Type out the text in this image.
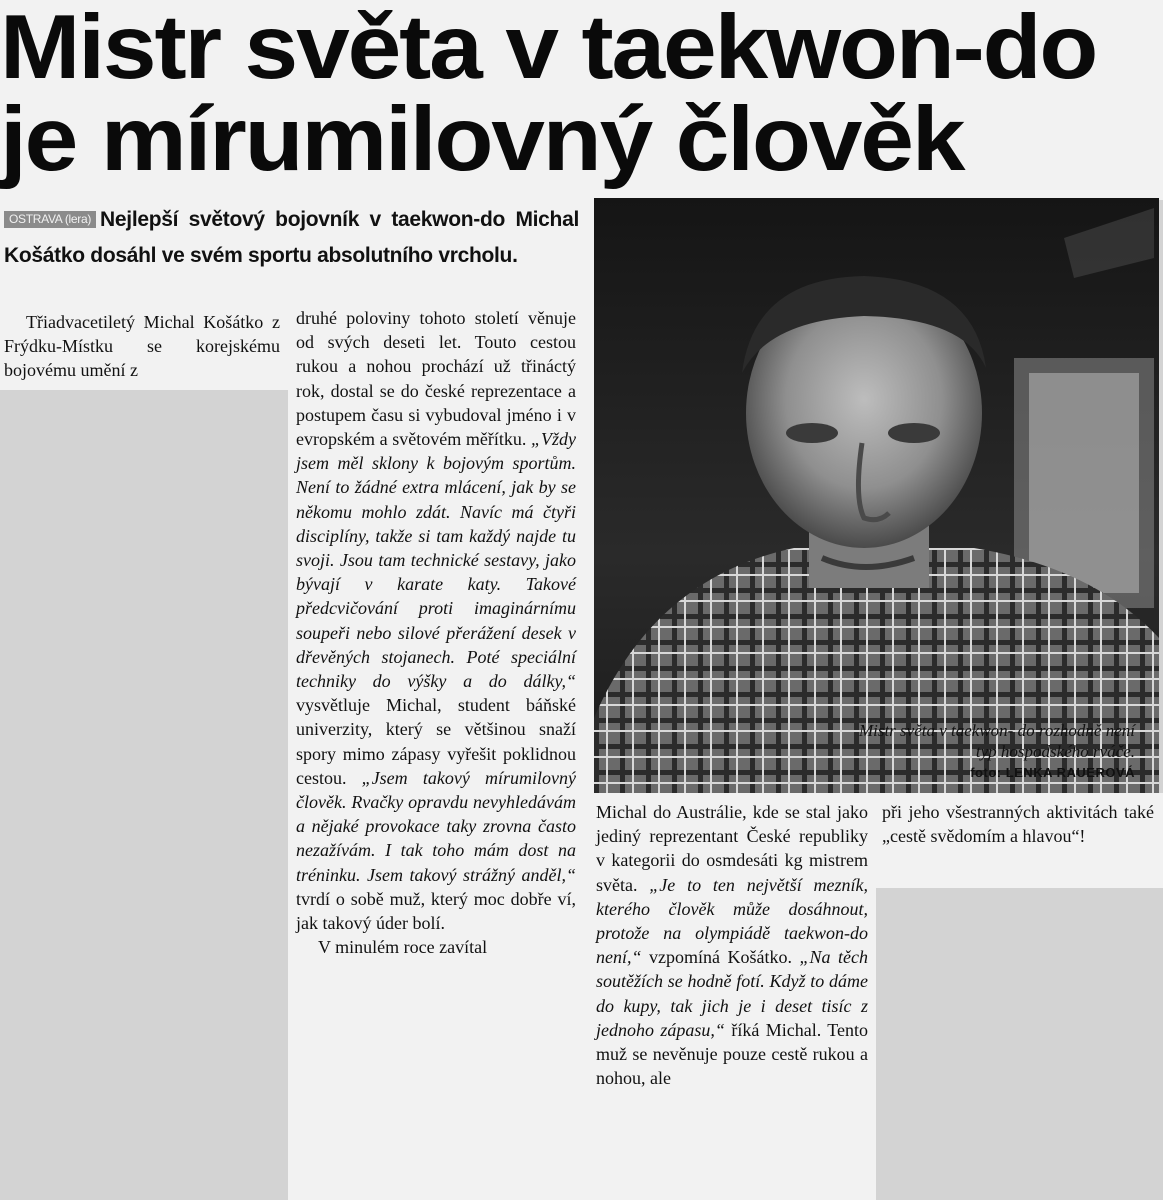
Mistr světa v taekwon-do
je mírumilovný člověk
OSTRAVA (lera) Nejlepší světový bojovník v taekwon-do Michal Košátko dosáhl ve svém sportu absolutního vrcholu.

Třiadvacetiletý Michal Košátko z Frýdku-Místku se korejskému bojovému umění z

druhé poloviny tohoto století věnuje od svých deseti let. Touto cestou rukou a nohou prochází už třináctý rok, dostal se do české reprezentace a postupem času si vybudoval jméno i v evropském a světovém měřítku. „Vždy jsem měl sklony k bojovým sportům. Není to žádné extra mlácení, jak by se někomu mohlo zdát. Navíc má čtyři disciplíny, takže si tam každý najde tu svoji. Jsou tam technické sestavy, jako bývají v karate katy. Takové předcvičování proti imaginárnímu soupeři nebo silové přerážení desek v dřevěných stojanech. Poté speciální techniky do výšky a do dálky,“ vysvětluje Michal, student báňské univerzity, který se většinou snaží spory mimo zápasy vyřešit poklidnou cestou. „Jsem takový mírumilovný člověk. Rvačky opravdu nevyhledávám a nějaké provokace taky zrovna často nezažívám. I tak toho mám dost na tréninku. Jsem takový strážný anděl,“ tvrdí o sobě muž, který moc dobře ví, jak takový úder bolí.

V minulém roce zavítal

Mistr světa v taekwon- do rozhodně není typ hospodského rváče.
foto: LENKA RAUEROVÁ

Michal do Austrálie, kde se stal jako jediný reprezentant České republiky v kategorii do osmdesáti kg mistrem světa. „Je to ten největší mezník, kterého člověk může dosáhnout, protože na olympiádě taekwon-do není,“ vzpomíná Košátko. „Na těch soutěžích se hodně fotí. Když to dáme do kupy, tak jich je i deset tisíc z jednoho zápasu,“ říká Michal. Tento muž se nevěnuje pouze cestě rukou a nohou, ale

při jeho všestranných aktivitách také „cestě svědomím a hlavou“!
